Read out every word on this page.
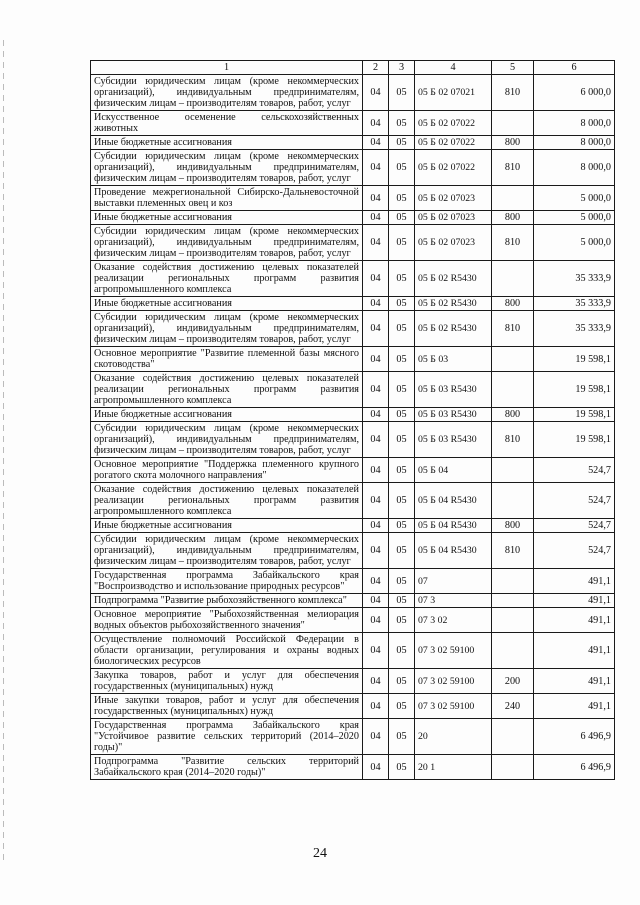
1	2	3	4	5	6
Субсидии юридическим лицам (кроме некоммерческих организаций), индивидуальным предпринимателям, физическим лицам – производителям товаров, работ, услуг	04	05	05 Б 02 07021	810	6 000,0
Искусственное осеменение сельскохозяйственных животных	04	05	05 Б 02 07022		8 000,0
Иные бюджетные ассигнования	04	05	05 Б 02 07022	800	8 000,0
Субсидии юридическим лицам (кроме некоммерческих организаций), индивидуальным предпринимателям, физическим лицам – производителям товаров, работ, услуг	04	05	05 Б 02 07022	810	8 000,0
Проведение межрегиональной Сибирско-Дальневосточной выставки племенных овец и коз	04	05	05 Б 02 07023		5 000,0
Иные бюджетные ассигнования	04	05	05 Б 02 07023	800	5 000,0
Субсидии юридическим лицам (кроме некоммерческих организаций), индивидуальным предпринимателям, физическим лицам – производителям товаров, работ, услуг	04	05	05 Б 02 07023	810	5 000,0
Оказание содействия достижению целевых показателей реализации региональных программ развития агропромышленного комплекса	04	05	05 Б 02 R5430		35 333,9
Иные бюджетные ассигнования	04	05	05 Б 02 R5430	800	35 333,9
Субсидии юридическим лицам (кроме некоммерческих организаций), индивидуальным предпринимателям, физическим лицам – производителям товаров, работ, услуг	04	05	05 Б 02 R5430	810	35 333,9
Основное мероприятие "Развитие племенной базы мясного скотоводства"	04	05	05 Б 03		19 598,1
Оказание содействия достижению целевых показателей реализации региональных программ развития агропромышленного комплекса	04	05	05 Б 03 R5430		19 598,1
Иные бюджетные ассигнования	04	05	05 Б 03 R5430	800	19 598,1
Субсидии юридическим лицам (кроме некоммерческих организаций), индивидуальным предпринимателям, физическим лицам – производителям товаров, работ, услуг	04	05	05 Б 03 R5430	810	19 598,1
Основное мероприятие "Поддержка племенного крупного рогатого скота молочного направления"	04	05	05 Б 04		524,7
Оказание содействия достижению целевых показателей реализации региональных программ развития агропромышленного комплекса	04	05	05 Б 04 R5430		524,7
Иные бюджетные ассигнования	04	05	05 Б 04 R5430	800	524,7
Субсидии юридическим лицам (кроме некоммерческих организаций), индивидуальным предпринимателям, физическим лицам – производителям товаров, работ, услуг	04	05	05 Б 04 R5430	810	524,7
Государственная программа Забайкальского края "Воспроизводство и использование природных ресурсов"	04	05	07		491,1
Подпрограмма "Развитие рыбохозяйственного комплекса"	04	05	07 3		491,1
Основное мероприятие "Рыбохозяйственная мелиорация водных объектов рыбохозяйственного значения"	04	05	07 3 02		491,1
Осуществление полномочий Российской Федерации в области организации, регулирования и охраны водных биологических ресурсов	04	05	07 3 02 59100		491,1
Закупка товаров, работ и услуг для обеспечения государственных (муниципальных) нужд	04	05	07 3 02 59100	200	491,1
Иные закупки товаров, работ и услуг для обеспечения государственных (муниципальных) нужд	04	05	07 3 02 59100	240	491,1
Государственная программа Забайкальского края "Устойчивое развитие сельских территорий (2014–2020 годы)"	04	05	20		6 496,9
Подпрограмма "Развитие сельских территорий Забайкальского края (2014–2020 годы)"	04	05	20 1		6 496,9
24
